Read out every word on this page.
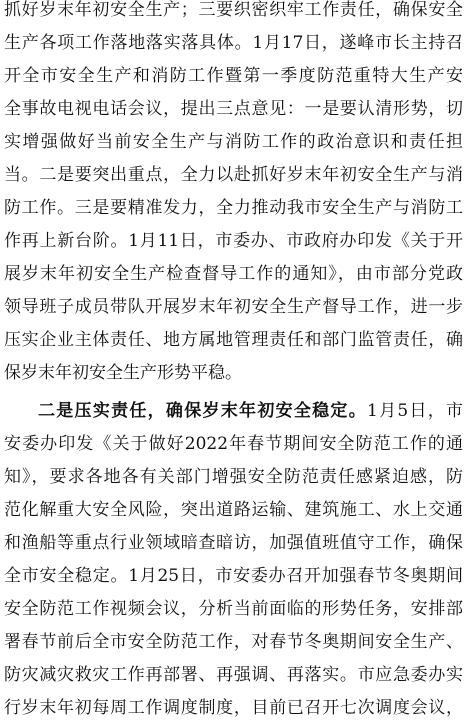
抓好岁末年初安全生产；三要织密织牢工作责任，确保安全
生产各项工作落地落实落具体。1月17日，遂峰市长主持召
开全市安全生产和消防工作暨第一季度防范重特大生产安
全事故电视电话会议，提出三点意见：一是要认清形势，切
实增强做好当前安全生产与消防工作的政治意识和责任担
当。二是要突出重点，全力以赴抓好岁末年初安全生产与消
防工作。三是要精准发力，全力推动我市安全生产与消防工
作再上新台阶。1月11日，市委办、市政府办印发《关于开
展岁末年初安全生产检查督导工作的通知》，由市部分党政
领导班子成员带队开展岁末年初安全生产督导工作，进一步
压实企业主体责任、地方属地管理责任和部门监管责任，确
保岁末年初安全生产形势平稳。
二是压实责任，确保岁末年初安全稳定。1月5日，市
安委办印发《关于做好2022年春节期间安全防范工作的通
知》，要求各地各有关部门增强安全防范责任感紧迫感，防
范化解重大安全风险，突出道路运输、建筑施工、水上交通
和渔船等重点行业领域暗查暗访，加强值班值守工作，确保
全市安全稳定。1月25日，市安委办召开加强春节冬奥期间
安全防范工作视频会议，分析当前面临的形势任务，安排部
署春节前后全市安全防范工作，对春节冬奥期间安全生产、
防灾减灾救灾工作再部署、再强调、再落实。市应急委办实
行岁末年初每周工作调度制度，目前已召开七次调度会议，
